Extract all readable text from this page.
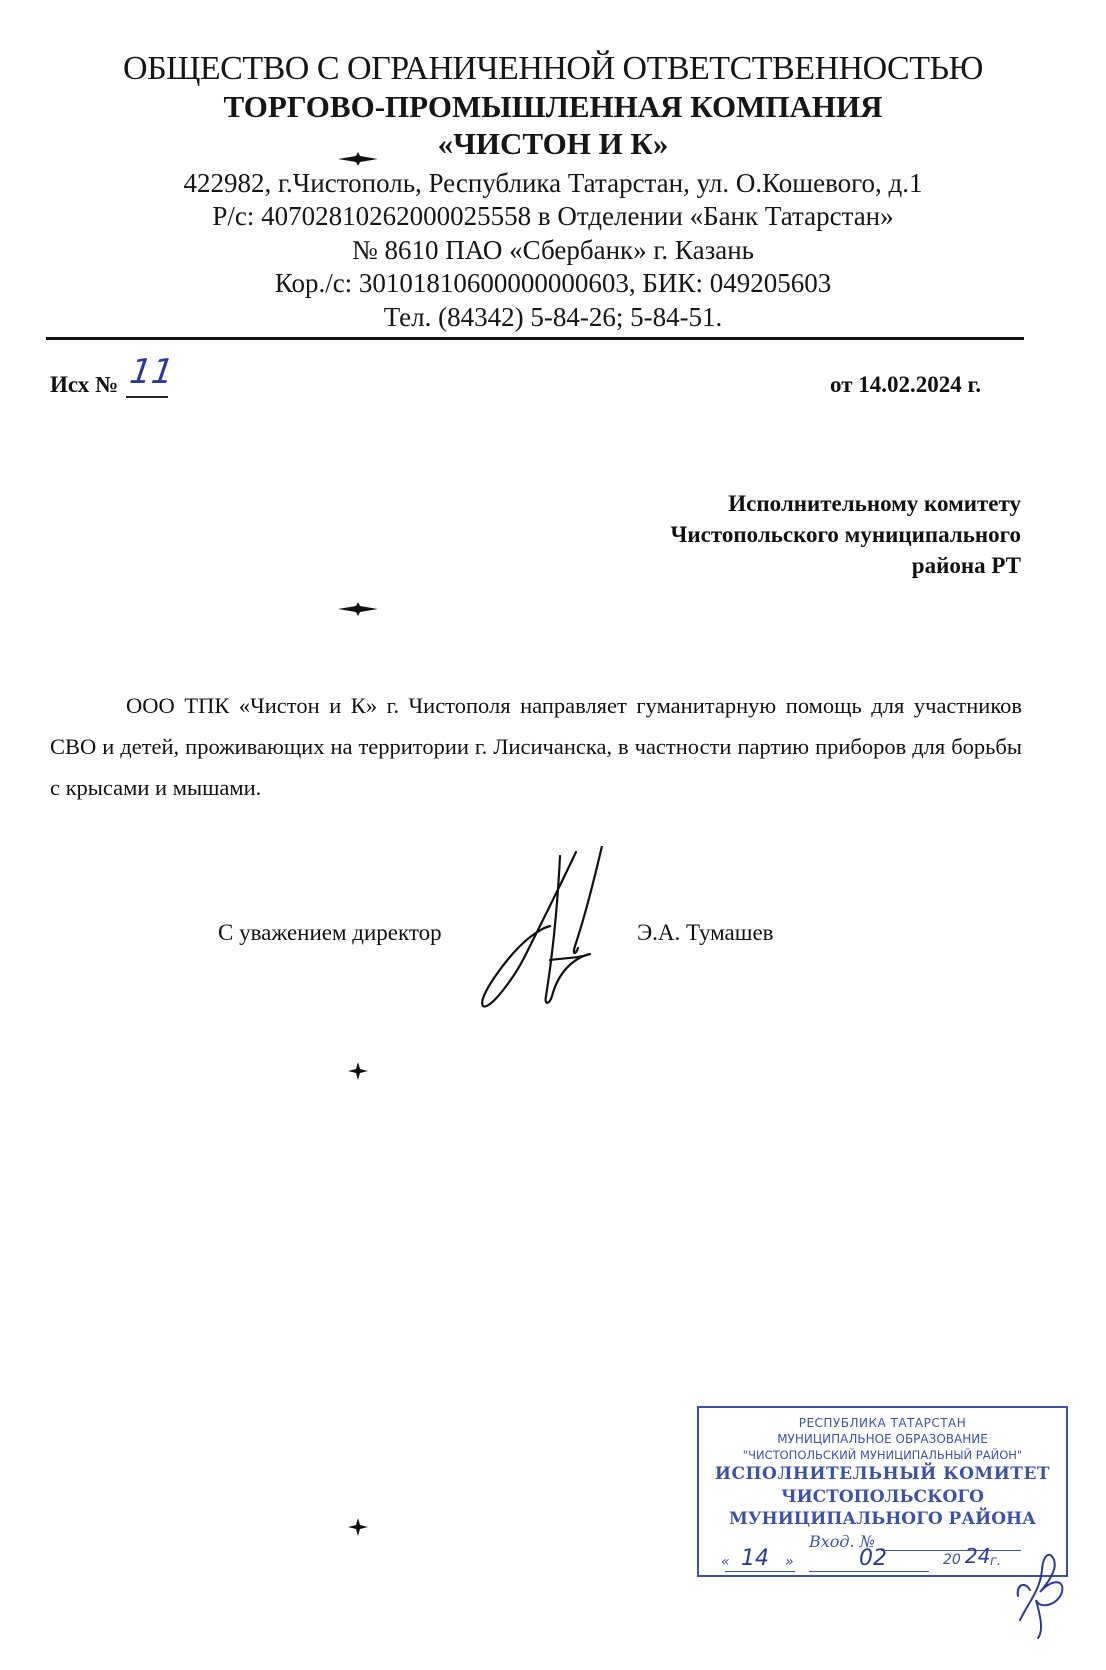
ОБЩЕСТВО С ОГРАНИЧЕННОЙ ОТВЕТСТВЕННОСТЬЮ
ТОРГОВО-ПРОМЫШЛЕННАЯ КОМПАНИЯ
«ЧИСТОН И К»
422982, г.Чистополь, Республика Татарстан, ул. О.Кошевого, д.1
Р/с: 40702810262000025558 в Отделении «Банк Татарстан»
№ 8610 ПАО «Сбербанк» г. Казань
Кор./с: 30101810600000000603, БИК: 049205603
Тел. (84342) 5-84-26; 5-84-51.
Исх № 11	от 14.02.2024 г.
Исполнительному комитету
Чистопольского муниципального
района РТ
ООО ТПК «Чистон и К» г. Чистополя направляет гуманитарную помощь для участников СВО и детей, проживающих на территории г. Лисичанска, в частности партию приборов для борьбы с крысами и мышами.
С уважением директор	Э.А. Тумашев
РЕСПУБЛИКА ТАТАРСТАН
МУНИЦИПАЛЬНОЕ ОБРАЗОВАНИЕ
"ЧИСТОПОЛЬСКИЙ МУНИЦИПАЛЬНЫЙ РАЙОН"
ИСПОЛНИТЕЛЬНЫЙ КОМИТЕТ
ЧИСТОПОЛЬСКОГО
МУНИЦИПАЛЬНОГО РАЙОНА
Вход. №
« 14 »	02	20 24 г.
